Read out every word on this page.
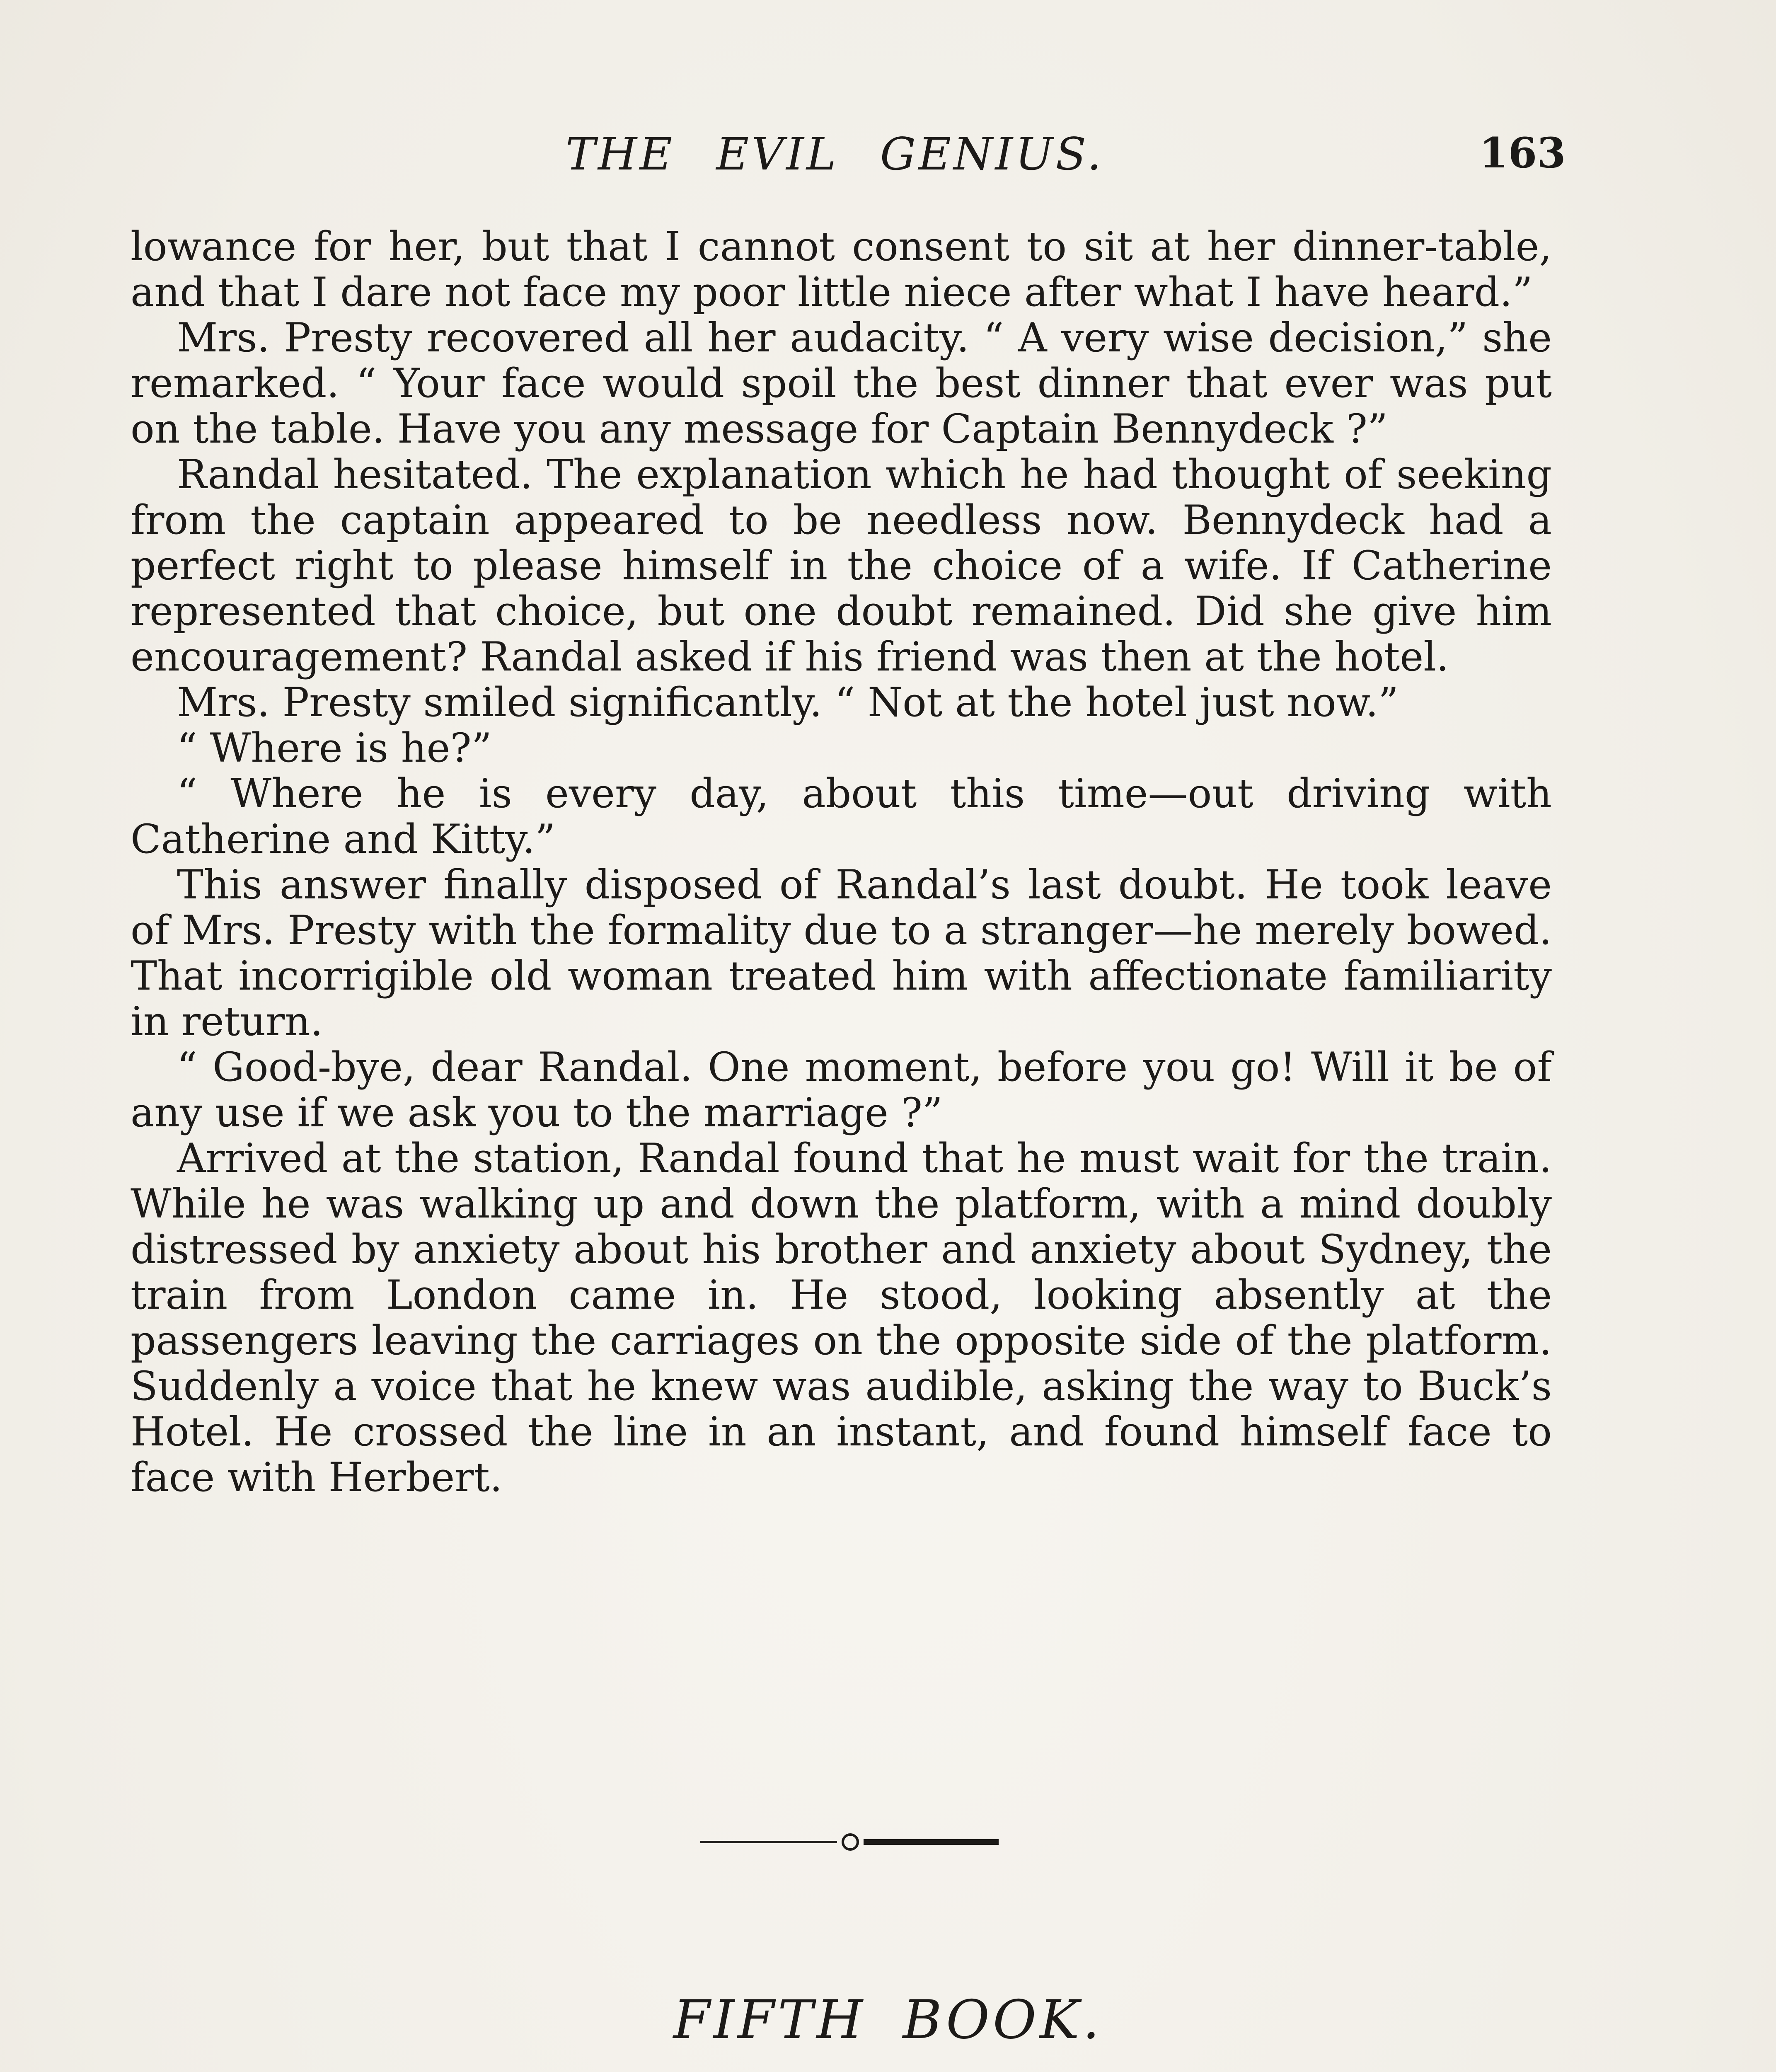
THE EVIL GENIUS.	163

lowance for her, but that I cannot consent to sit at her dinner-table, and that I dare not face my poor little niece after what I have heard.”

Mrs. Presty recovered all her audacity. “ A very wise decision,” she remarked. “ Your face would spoil the best dinner that ever was put on the table. Have you any message for Captain Bennydeck ?”

Randal hesitated. The explanation which he had thought of seeking from the captain appeared to be needless now. Bennydeck had a perfect right to please himself in the choice of a wife. If Catherine represented that choice, but one doubt remained. Did she give him encouragement? Randal asked if his friend was then at the hotel.

Mrs. Presty smiled significantly. “ Not at the hotel just now.”

“ Where is he?”

“ Where he is every day, about this time—out driving with Catherine and Kitty.”

This answer finally disposed of Randal’s last doubt. He took leave of Mrs. Presty with the formality due to a stranger—he merely bowed. That incorrigible old woman treated him with affectionate familiarity in return.

“ Good-bye, dear Randal. One moment, before you go! Will it be of any use if we ask you to the marriage ?”

Arrived at the station, Randal found that he must wait for the train. While he was walking up and down the platform, with a mind doubly distressed by anxiety about his brother and anxiety about Sydney, the train from London came in. He stood, looking absently at the passengers leaving the carriages on the opposite side of the platform. Suddenly a voice that he knew was audible, asking the way to Buck’s Hotel. He crossed the line in an instant, and found himself face to face with Herbert.

FIFTH BOOK.
